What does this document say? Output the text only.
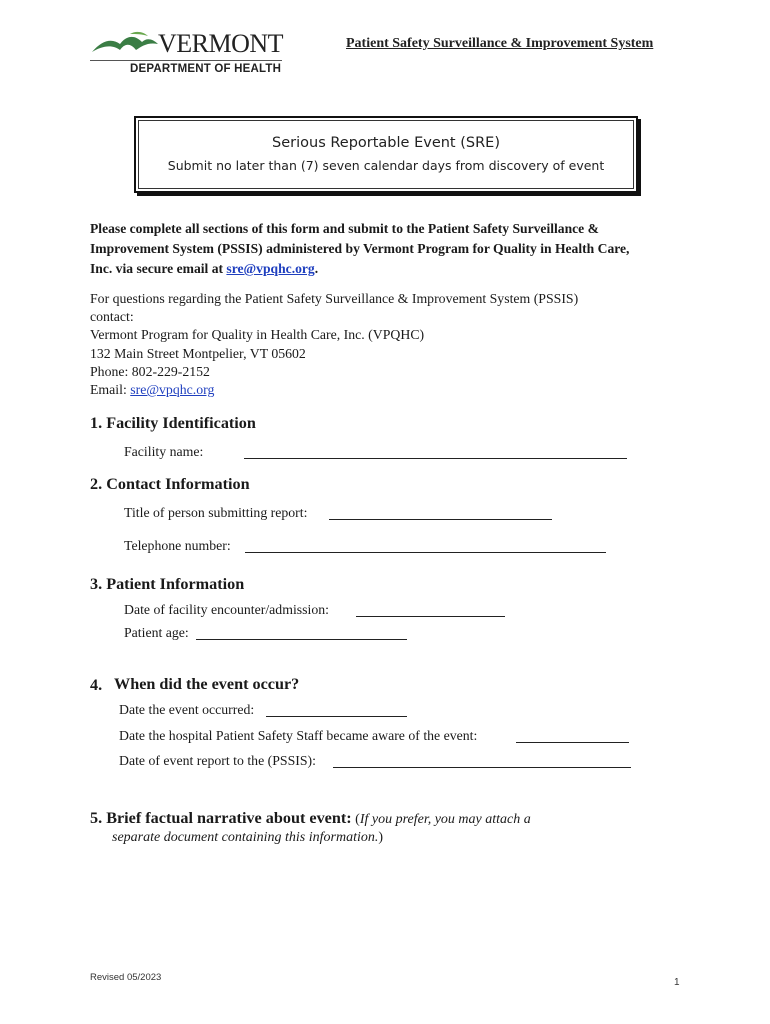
VERMONT
DEPARTMENT OF HEALTH
Patient Safety Surveillance & Improvement System
Serious Reportable Event (SRE)
Submit no later than (7) seven calendar days from discovery of event
Please complete all sections of this form and submit to the Patient Safety Surveillance & Improvement System (PSSIS) administered by Vermont Program for Quality in Health Care, Inc. via secure email at sre@vpqhc.org.
For questions regarding the Patient Safety Surveillance & Improvement System (PSSIS)
contact:
Vermont Program for Quality in Health Care, Inc. (VPQHC)
132 Main Street Montpelier, VT 05602
Phone: 802-229-2152
Email: sre@vpqhc.org
1. Facility Identification
Facility name:
2. Contact Information
Title of person submitting report:
Telephone number:
3. Patient Information
Date of facility encounter/admission:
Patient age:
4. When did the event occur?
Date the event occurred:
Date the hospital Patient Safety Staff became aware of the event:
Date of event report to the (PSSIS):
5. Brief factual narrative about event: (If you prefer, you may attach a
separate document containing this information.)
Revised 05/2023	1
